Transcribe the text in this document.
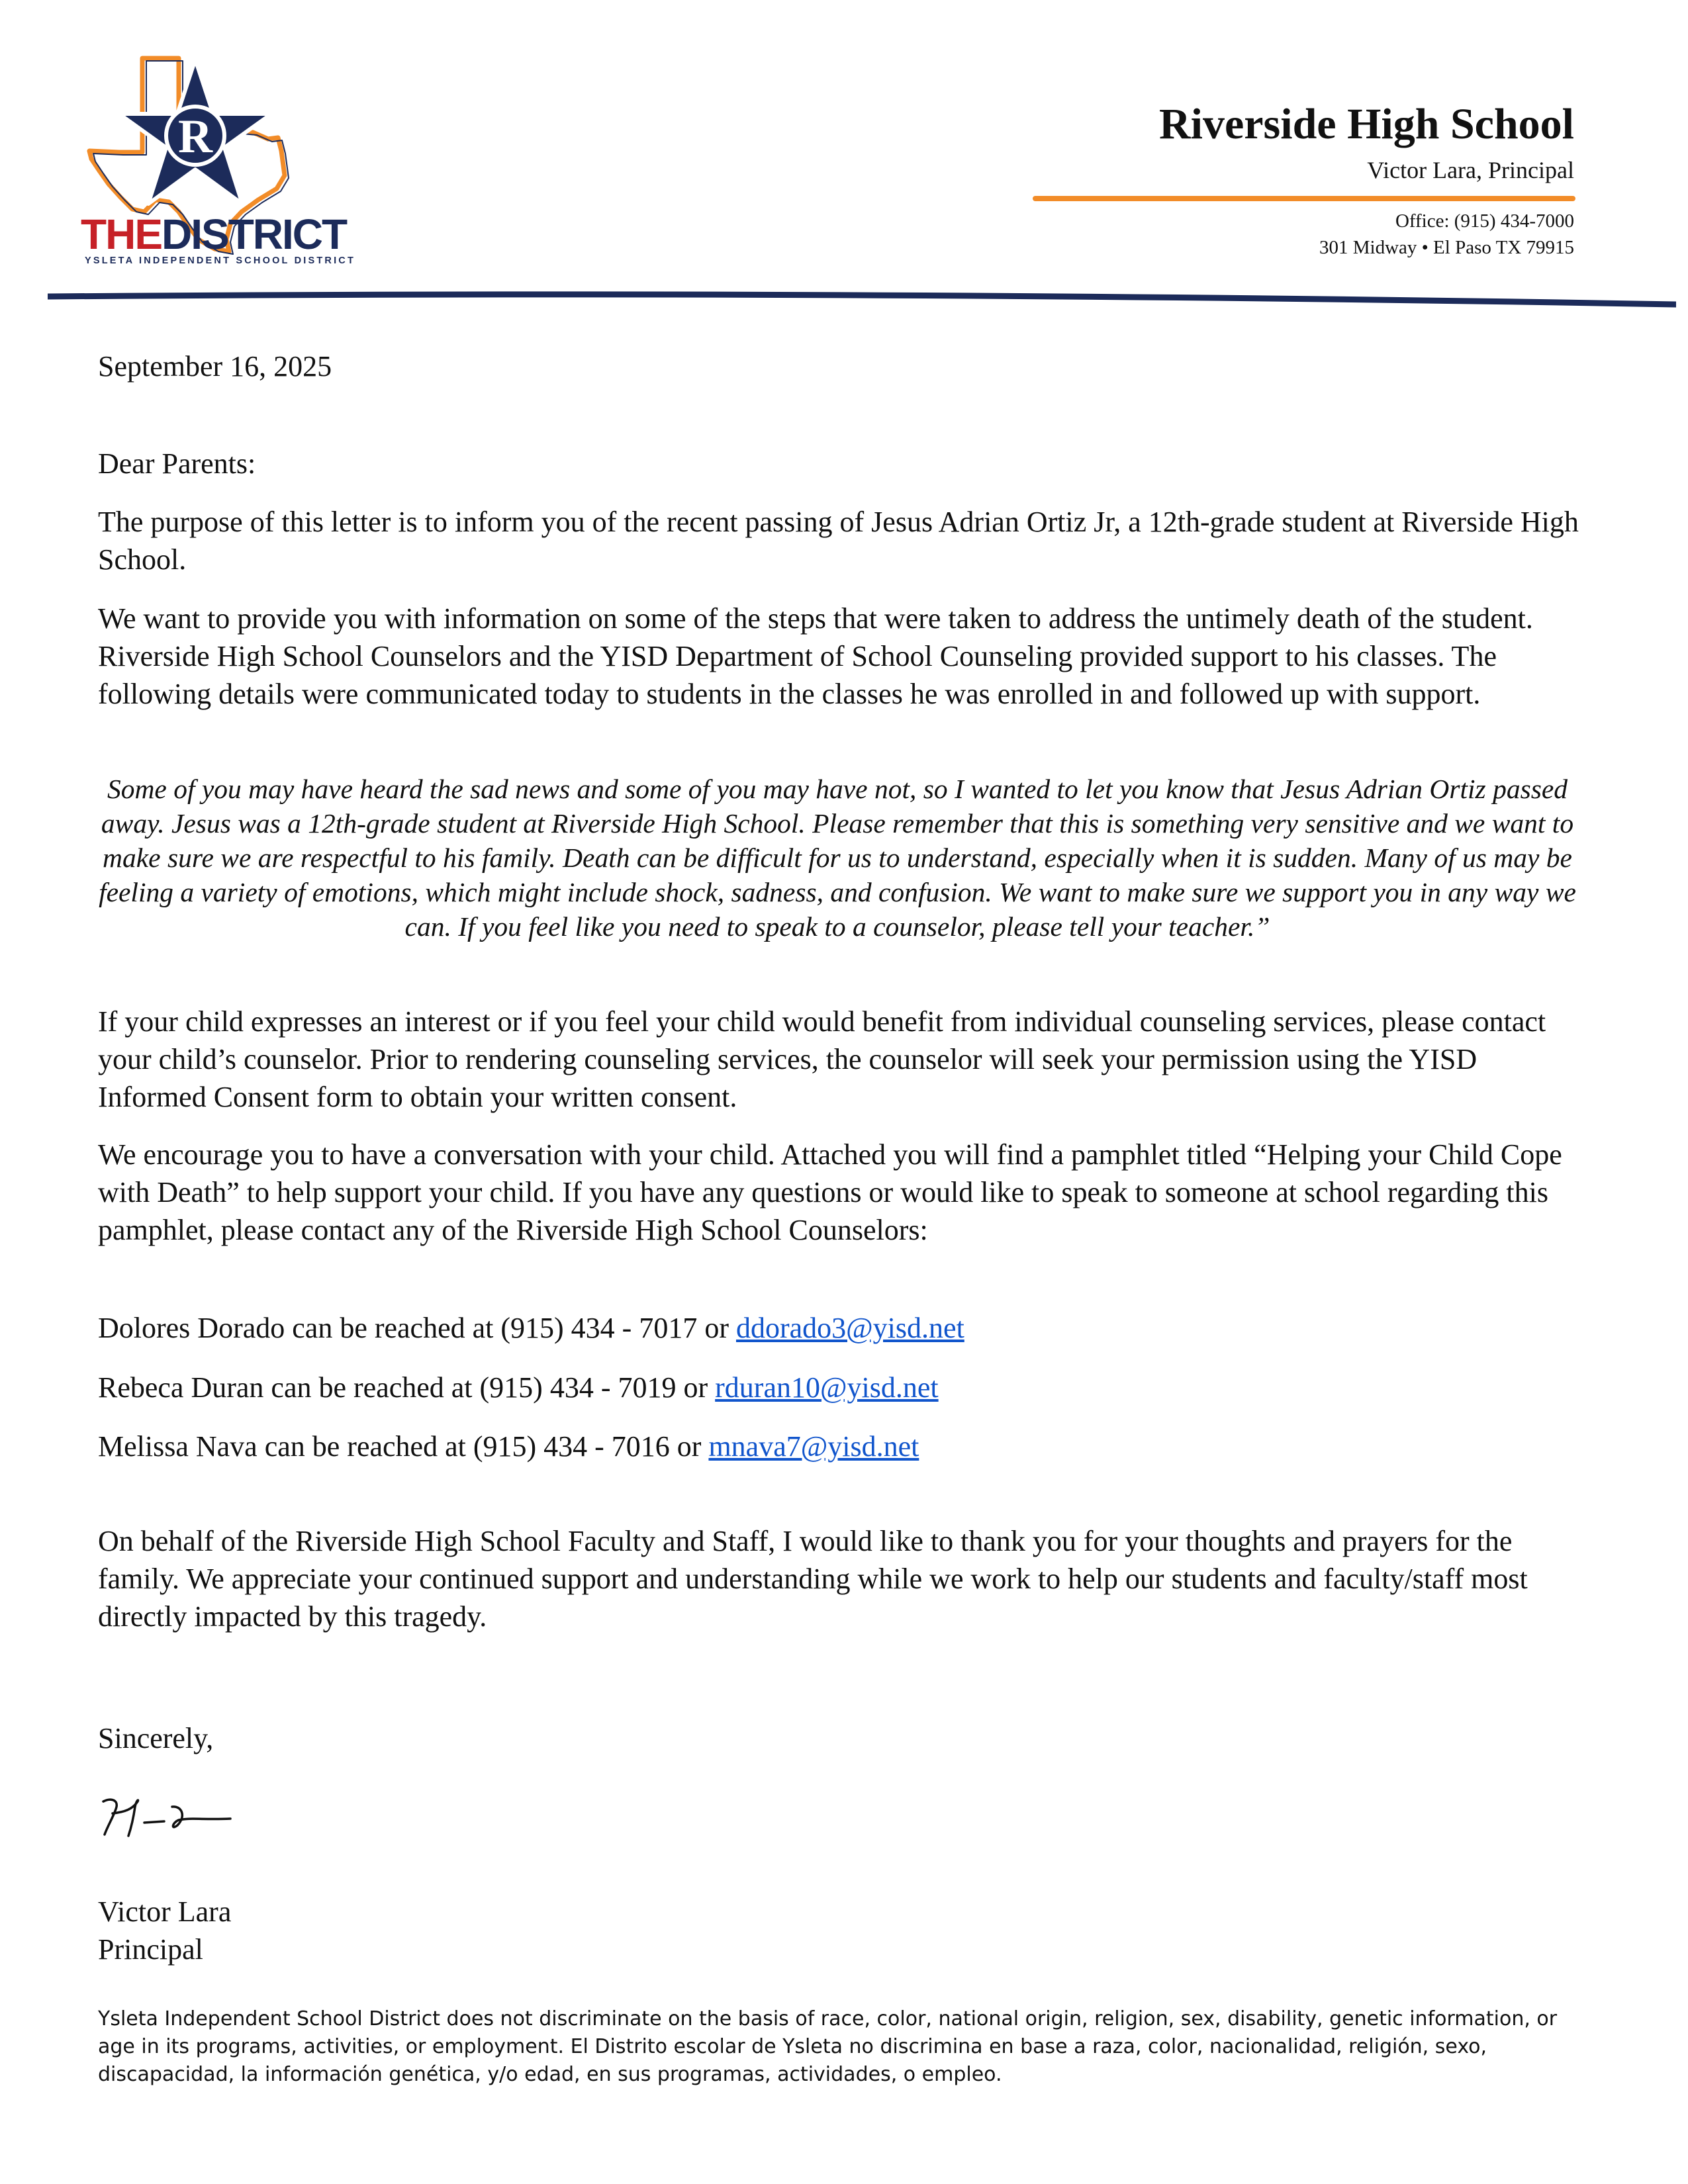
R
THEDISTRICT
YSLETA INDEPENDENT SCHOOL DISTRICT
Riverside High School
Victor Lara, Principal
Office: (915) 434-7000
301 Midway • El Paso TX 79915
September 16, 2025
Dear Parents:
The purpose of this letter is to inform you of the recent passing of Jesus Adrian Ortiz Jr, a 12th-grade student at Riverside High School.
We want to provide you with information on some of the steps that were taken to address the untimely death of the student. Riverside High School Counselors and the YISD Department of School Counseling provided support to his classes. The following details were communicated today to students in the classes he was enrolled in and followed up with support.
Some of you may have heard the sad news and some of you may have not, so I wanted to let you know that Jesus Adrian Ortiz passed away. Jesus was a 12th-grade student at Riverside High School. Please remember that this is something very sensitive and we want to make sure we are respectful to his family. Death can be difficult for us to understand, especially when it is sudden. Many of us may be feeling a variety of emotions, which might include shock, sadness, and confusion. We want to make sure we support you in any way we can. If you feel like you need to speak to a counselor, please tell your teacher.”
If your child expresses an interest or if you feel your child would benefit from individual counseling services, please contact your child’s counselor. Prior to rendering counseling services, the counselor will seek your permission using the YISD Informed Consent form to obtain your written consent.
We encourage you to have a conversation with your child. Attached you will find a pamphlet titled “Helping your Child Cope with Death” to help support your child. If you have any questions or would like to speak to someone at school regarding this pamphlet, please contact any of the Riverside High School Counselors:
Dolores Dorado can be reached at (915) 434 - 7017 or ddorado3@yisd.net
Rebeca Duran can be reached at (915) 434 - 7019 or rduran10@yisd.net
Melissa Nava can be reached at (915) 434 - 7016 or mnava7@yisd.net
On behalf of the Riverside High School Faculty and Staff, I would like to thank you for your thoughts and prayers for the family. We appreciate your continued support and understanding while we work to help our students and faculty/staff most directly impacted by this tragedy.
Sincerely,
Victor Lara
Principal
Ysleta Independent School District does not discriminate on the basis of race, color, national origin, religion, sex, disability, genetic information, or age in its programs, activities, or employment. El Distrito escolar de Ysleta no discrimina en base a raza, color, nacionalidad, religión, sexo, discapacidad, la información genética, y/o edad, en sus programas, actividades, o empleo.
